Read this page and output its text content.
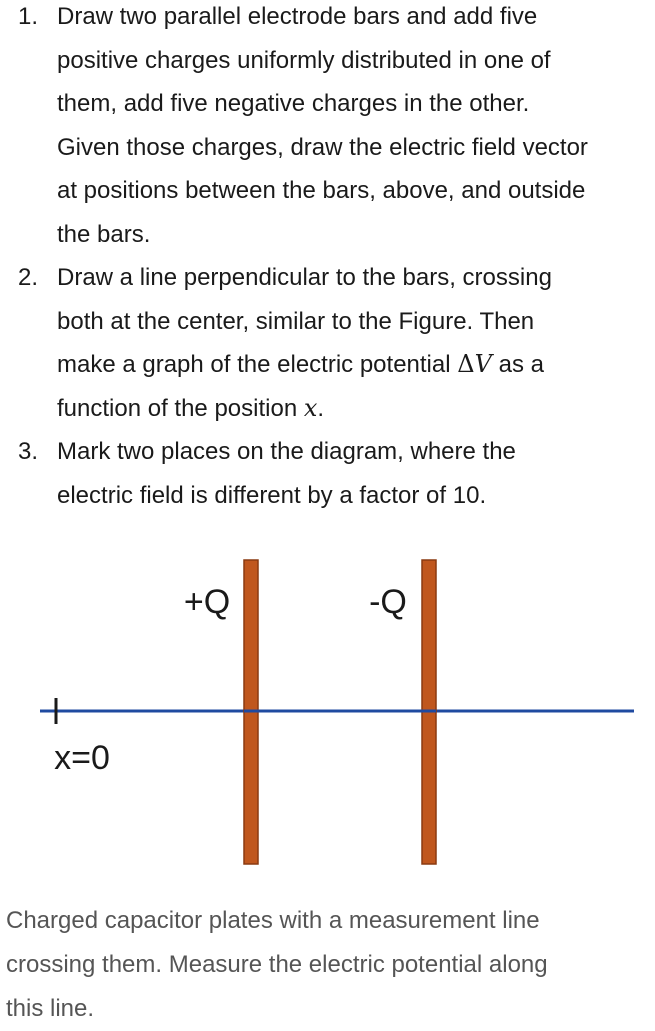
1. Draw two parallel electrode bars and add five
positive charges uniformly distributed in one of
them, add five negative charges in the other.
Given those charges, draw the electric field vector
at positions between the bars, above, and outside
the bars.
2. Draw a line perpendicular to the bars, crossing
both at the center, similar to the Figure. Then
make a graph of the electric potential ΔV as a
function of the position x.
3. Mark two places on the diagram, where the
electric field is different by a factor of 10.
+Q	-Q
x=0
Charged capacitor plates with a measurement line
crossing them. Measure the electric potential along
this line.
